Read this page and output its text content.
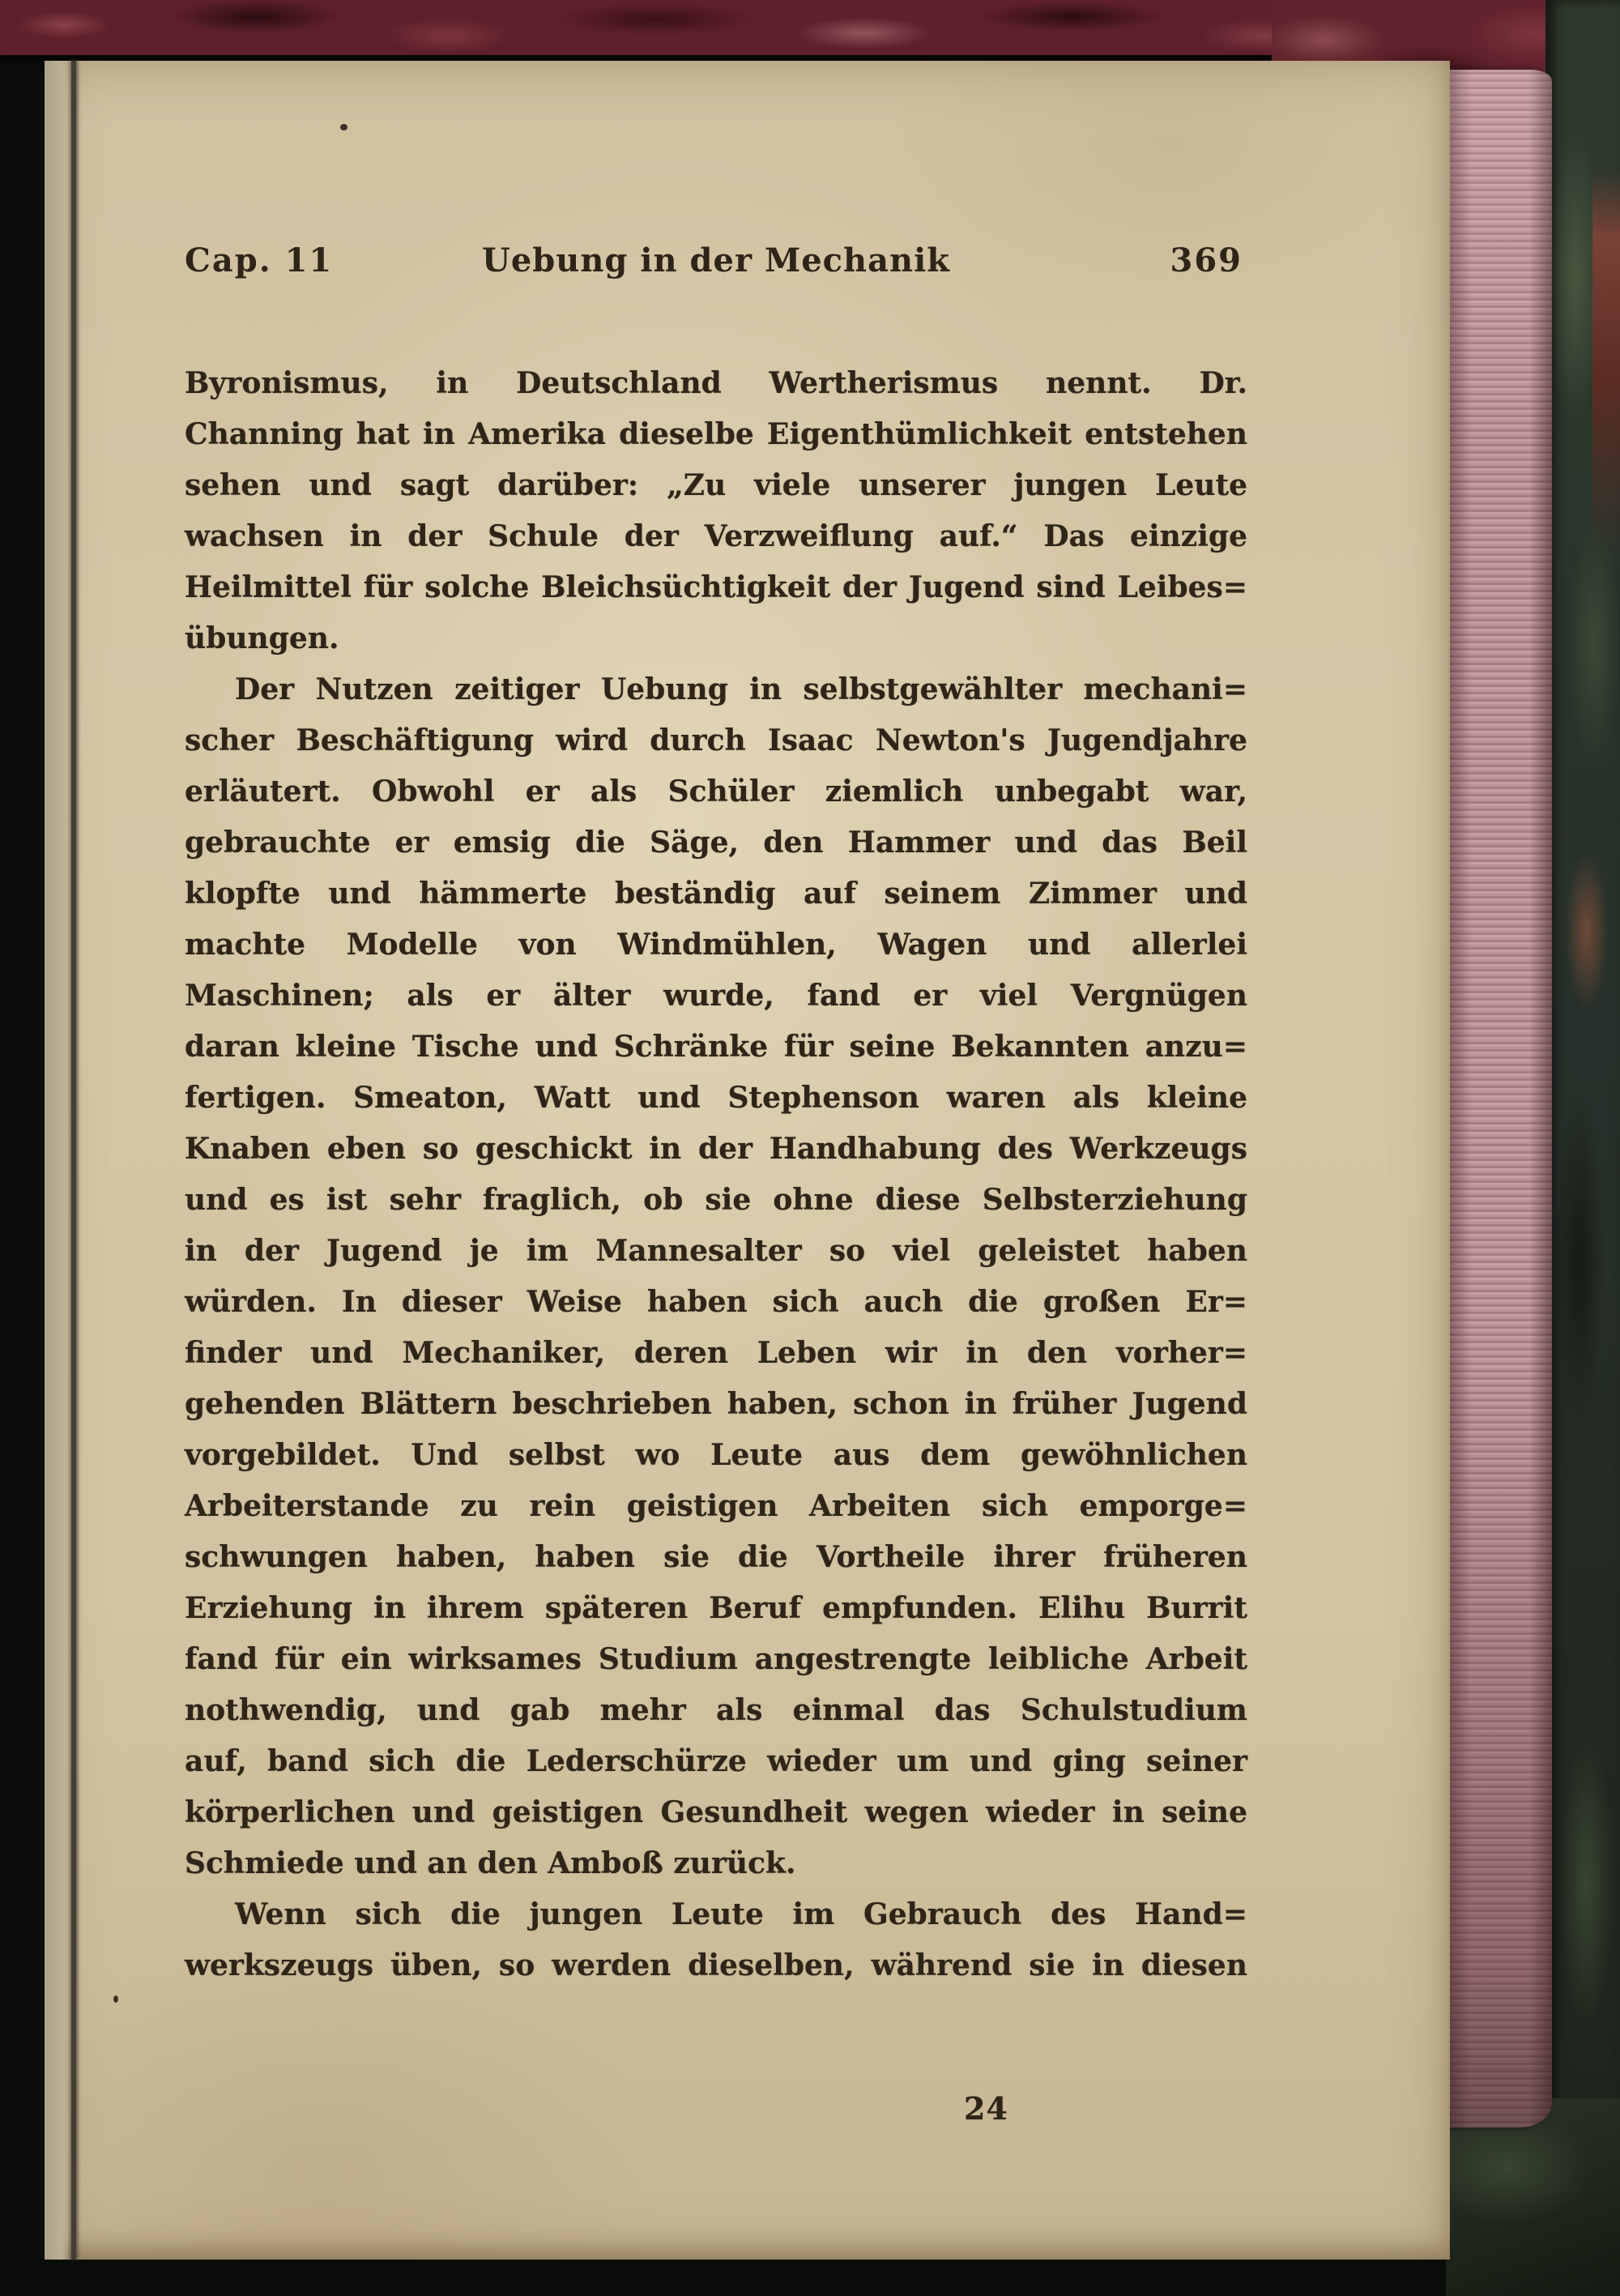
Cap. 11	Uebung in der Mechanik	369
Byronismus, in Deutschland Wertherismus nennt. Dr.
Channing hat in Amerika dieselbe Eigenthümlichkeit entstehen
sehen und sagt darüber: „Zu viele unserer jungen Leute
wachsen in der Schule der Verzweiflung auf.“ Das einzige
Heilmittel für solche Bleichsüchtigkeit der Jugend sind Leibes=
übungen.
Der Nutzen zeitiger Uebung in selbstgewählter mechani=
scher Beschäftigung wird durch Isaac Newton's Jugendjahre
erläutert. Obwohl er als Schüler ziemlich unbegabt war,
gebrauchte er emsig die Säge, den Hammer und das Beil
klopfte und hämmerte beständig auf seinem Zimmer und
machte Modelle von Windmühlen, Wagen und allerlei
Maschinen; als er älter wurde, fand er viel Vergnügen
daran kleine Tische und Schränke für seine Bekannten anzu=
fertigen. Smeaton, Watt und Stephenson waren als kleine
Knaben eben so geschickt in der Handhabung des Werkzeugs
und es ist sehr fraglich, ob sie ohne diese Selbsterziehung
in der Jugend je im Mannesalter so viel geleistet haben
würden. In dieser Weise haben sich auch die großen Er=
finder und Mechaniker, deren Leben wir in den vorher=
gehenden Blättern beschrieben haben, schon in früher Jugend
vorgebildet. Und selbst wo Leute aus dem gewöhnlichen
Arbeiterstande zu rein geistigen Arbeiten sich emporge=
schwungen haben, haben sie die Vortheile ihrer früheren
Erziehung in ihrem späteren Beruf empfunden. Elihu Burrit
fand für ein wirksames Studium angestrengte leibliche Arbeit
nothwendig, und gab mehr als einmal das Schulstudium
auf, band sich die Lederschürze wieder um und ging seiner
körperlichen und geistigen Gesundheit wegen wieder in seine
Schmiede und an den Amboß zurück.
Wenn sich die jungen Leute im Gebrauch des Hand=
werkszeugs üben, so werden dieselben, während sie in diesen
24
